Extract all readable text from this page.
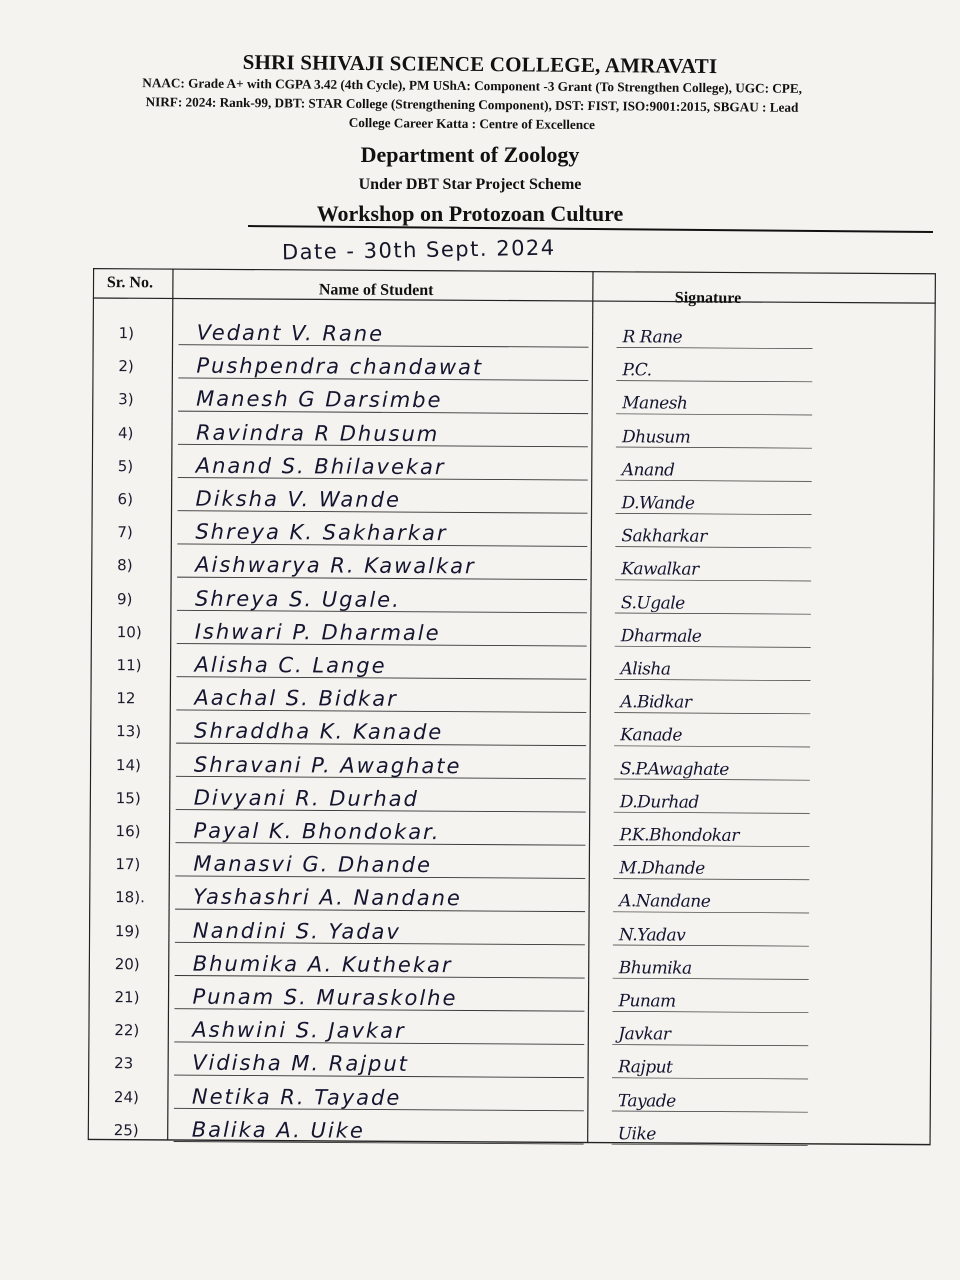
SHRI SHIVAJI SCIENCE COLLEGE, AMRAVATI
NAAC: Grade A+ with CGPA 3.42 (4th Cycle), PM UShA: Component -3 Grant (To Strengthen College), UGC: CPE,
NIRF: 2024: Rank-99, DBT: STAR College (Strengthening Component), DST: FIST, ISO:9001:2015, SBGAU : Lead
College Career Katta : Centre of Excellence
Department of Zoology
Under DBT Star Project Scheme
Workshop on Protozoan Culture
Date - 30th Sept. 2024
Sr. No.	Name of Student	Signature
1)	Vedant V. Rane	R Rane
2)	Pushpendra chandawat	P.C.
3)	Manesh G Darsimbe	Manesh
4)	Ravindra R Dhusum	Dhusum
5)	Anand S. Bhilavekar	Anand
6)	Diksha V. Wande	D.Wande
7)	Shreya K. Sakharkar	Sakharkar
8)	Aishwarya R. Kawalkar	Kawalkar
9)	Shreya S. Ugale.	S.Ugale
10)	Ishwari P. Dharmale	Dharmale
11)	Alisha C. Lange	Alisha
12	Aachal S. Bidkar	A.Bidkar
13)	Shraddha K. Kanade	Kanade
14)	Shravani P. Awaghate	S.P.Awaghate
15)	Divyani R. Durhad	D.Durhad
16)	Payal K. Bhondokar.	P.K.Bhondokar
17)	Manasvi G. Dhande	M.Dhande
18).	Yashashri A. Nandane	A.Nandane
19)	Nandini S. Yadav	N.Yadav
20)	Bhumika A. Kuthekar	Bhumika
21)	Punam S. Muraskolhe	Punam
22)	Ashwini S. Javkar	Javkar
23	Vidisha M. Rajput	Rajput
24)	Netika R. Tayade	Tayade
25)	Balika A. Uike	Uike
